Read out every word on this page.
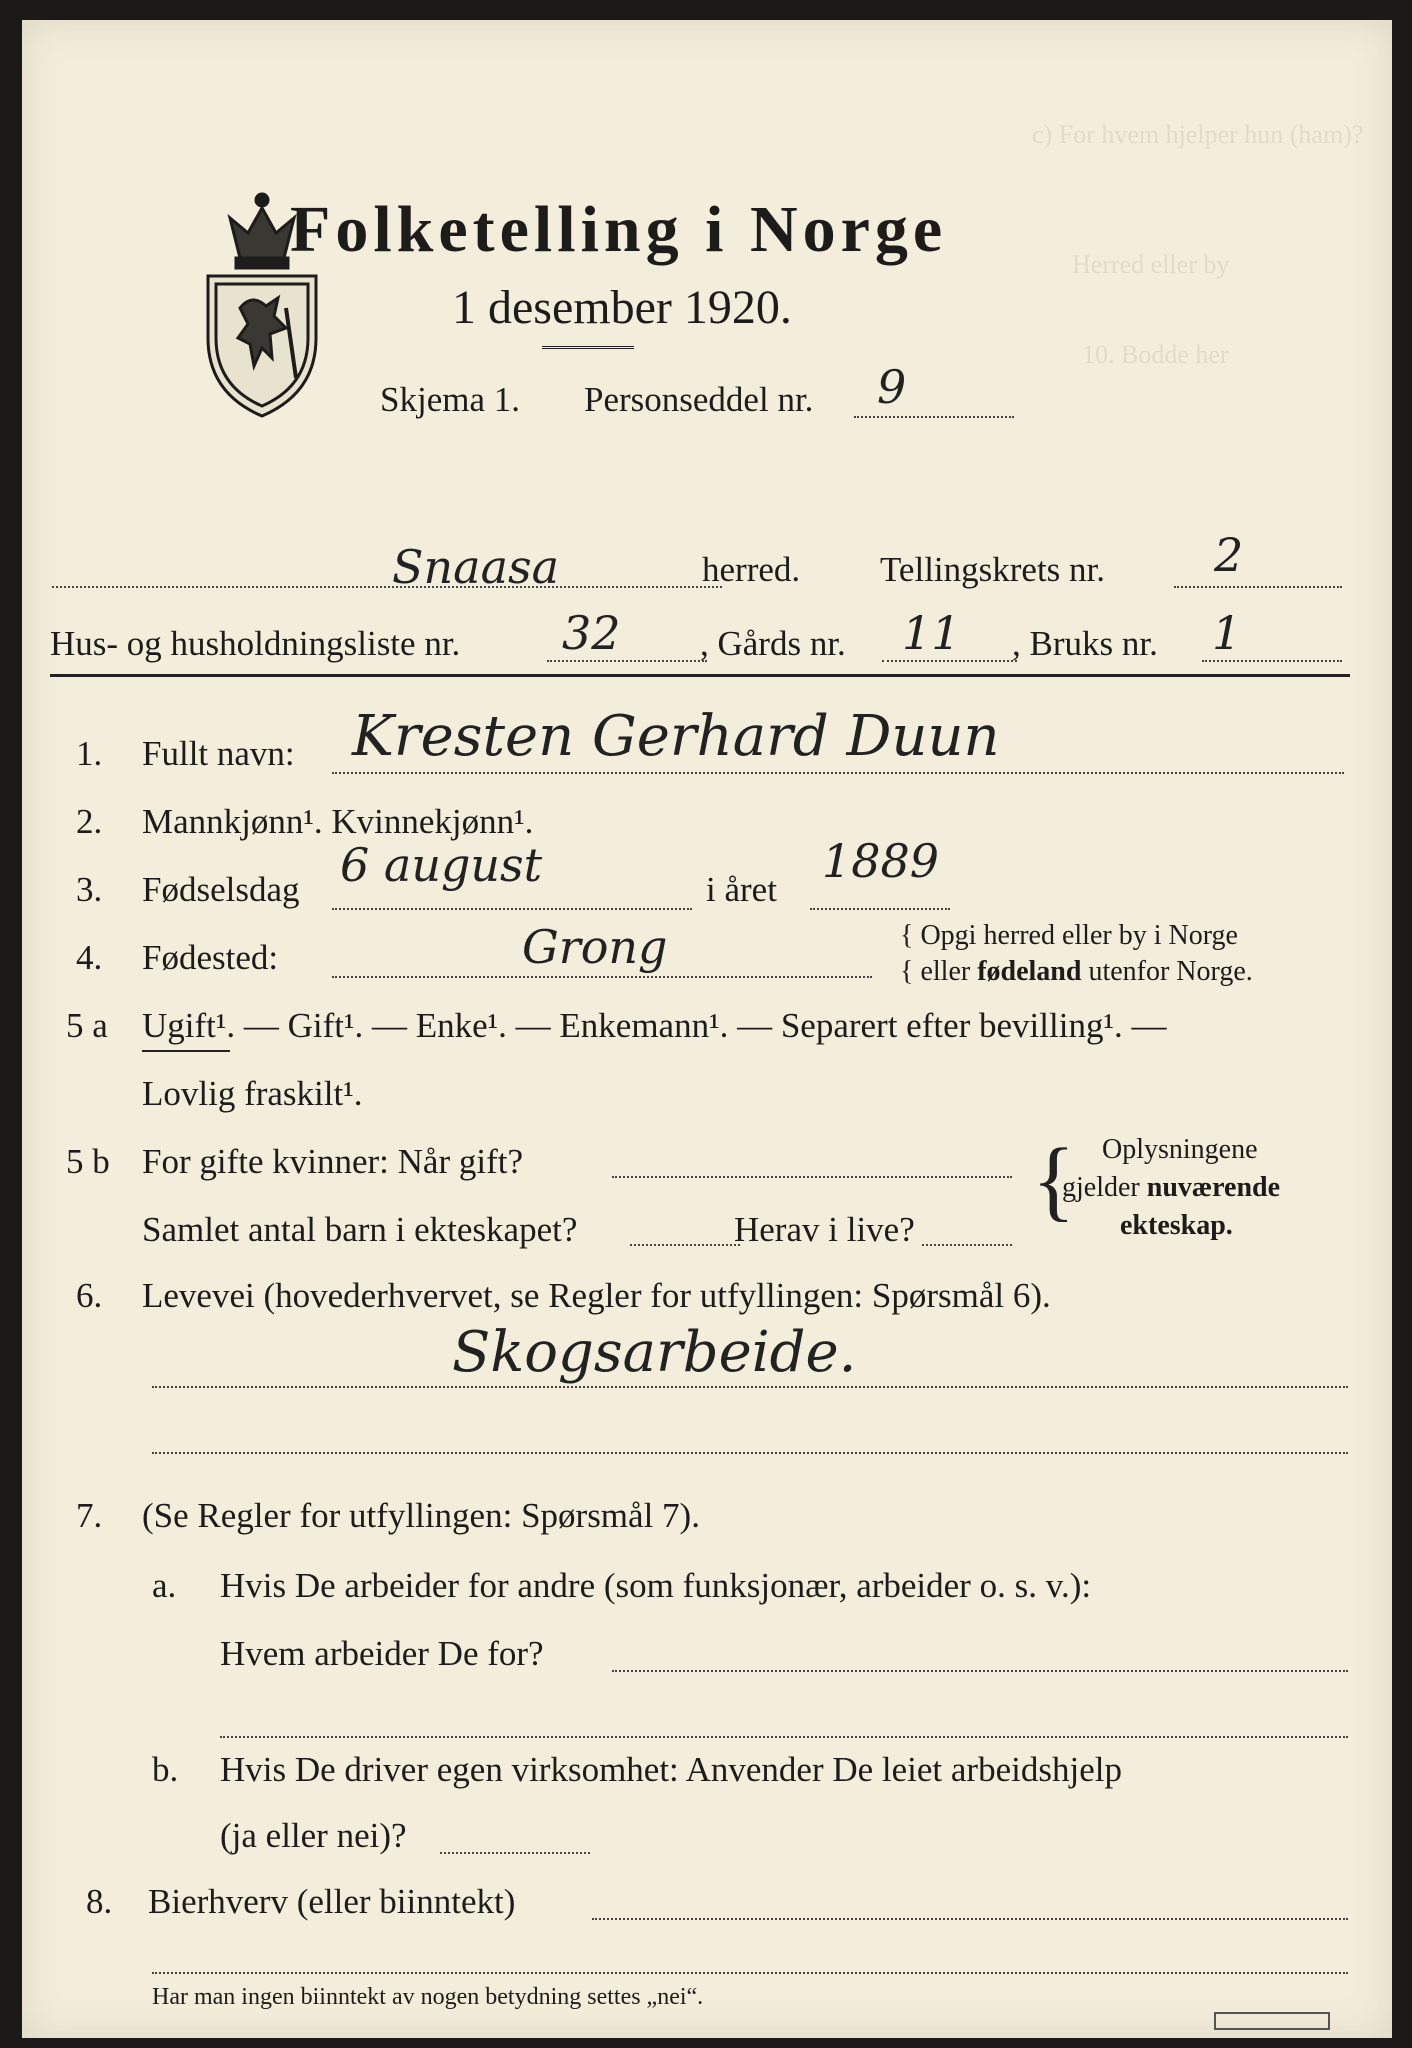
c) For hvem hjelper hun (ham)?
Herred eller by
10. Bodde her
Folketelling i Norge
1 desember 1920.
Skjema 1. Personseddel nr. 9
Snaasa	herred. Tellingskrets nr. 2
Hus- og husholdningsliste nr. 32 , Gårds nr. 11 , Bruks nr. 1
1. Fullt navn: Kresten Gerhard Duun
2. Mannkjønn¹. Kvinnekjønn¹.
3. Fødselsdag 6 august	i året
1889
4. Fødested:	Grong	{ Opgi herred eller by i Norge
{ eller fødeland utenfor Norge.
5 a Ugift¹. — Gift¹. — Enke¹. — Enkemann¹. — Separert efter bevilling¹. —
Lovlig fraskilt¹.
5 b For gifte kvinner: Når gift?
Samlet antal barn i ekteskapet?	Herav i live? { Oplysningene
gjelder nuværende
ekteskap.
6. Levevei (hovederhvervet, se Regler for utfyllingen: Spørsmål 6).
Skogsarbeide.
7. (Se Regler for utfyllingen: Spørsmål 7).
a. Hvis De arbeider for andre (som funksjonær, arbeider o. s. v.):
Hvem arbeider De for?
b. Hvis De driver egen virksomhet: Anvender De leiet arbeidshjelp
(ja eller nei)?
8. Bierhverv (eller biinntekt)
Har man ingen biinntekt av nogen betydning settes „nei“.
